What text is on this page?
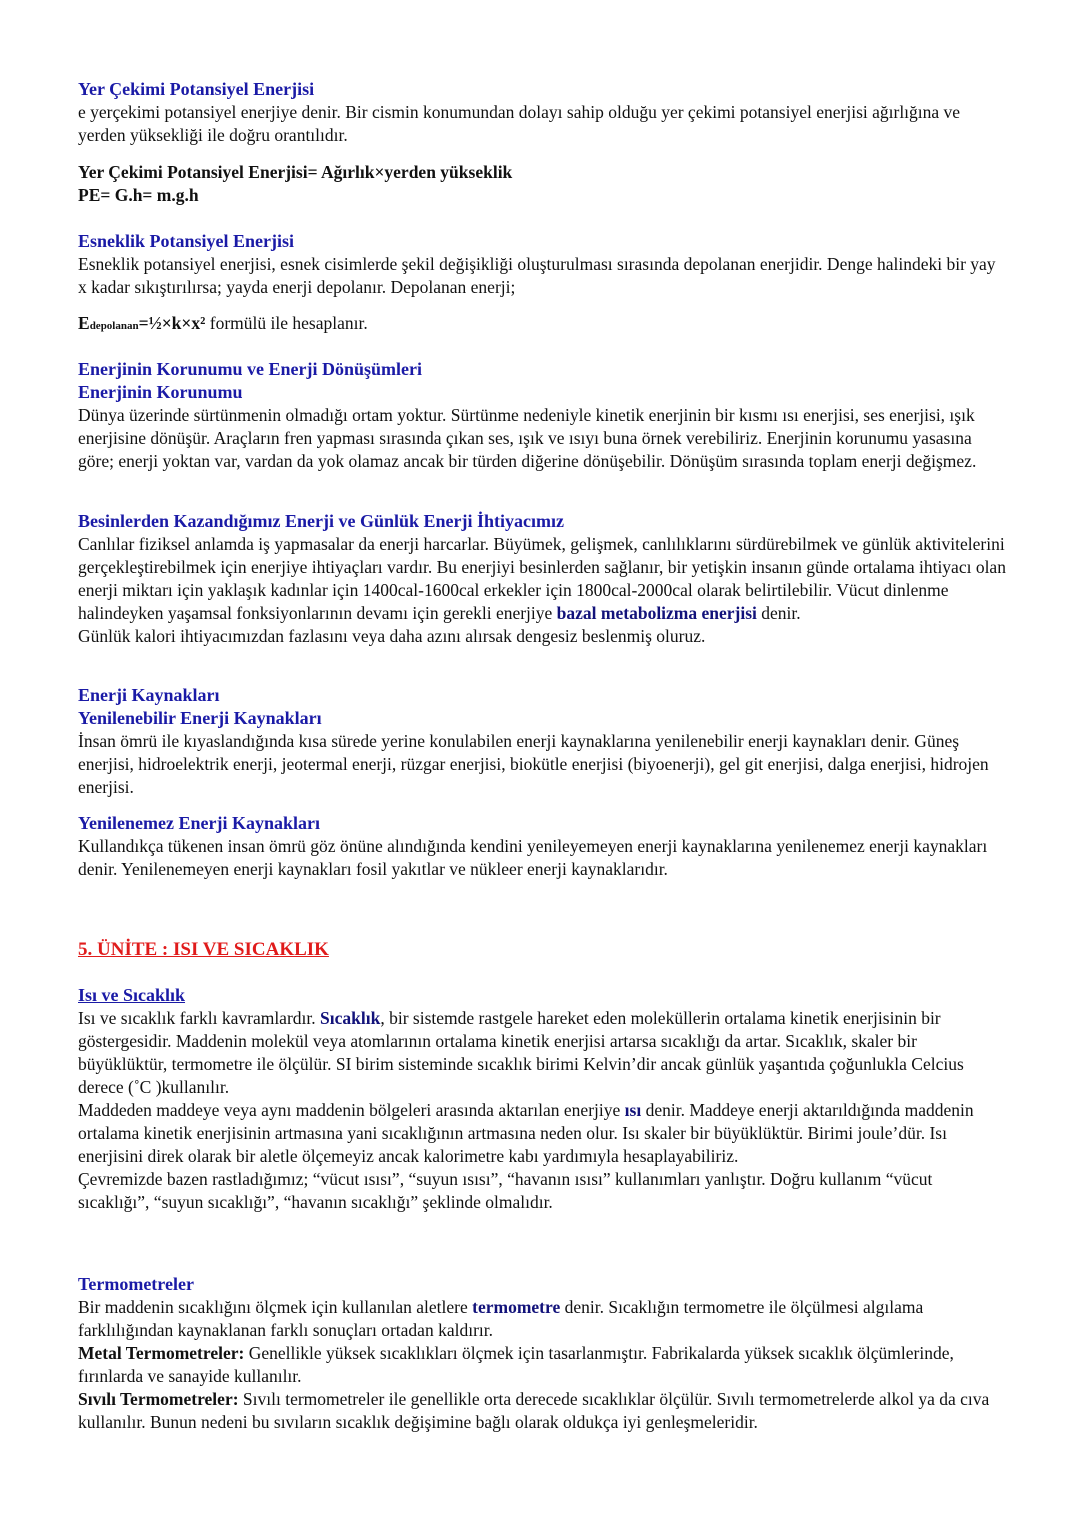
Yer Çekimi Potansiyel Enerjisi

e yerçekimi potansiyel enerjiye denir. Bir cismin konumundan dolayı sahip olduğu yer çekimi potansiyel enerjisi ağırlığına ve yerden yüksekliği ile doğru orantılıdır.

Yer Çekimi Potansiyel Enerjisi= Ağırlık×yerden yükseklik

PE= G.h= m.g.h

Esneklik Potansiyel Enerjisi

Esneklik potansiyel enerjisi, esnek cisimlerde şekil değişikliği oluşturulması sırasında depolanan enerjidir. Denge halindeki bir yay x kadar sıkıştırılırsa; yayda enerji depolanır. Depolanan enerji;

Edepolanan=½×k×x² formülü ile hesaplanır.

Enerjinin Korunumu ve Enerji Dönüşümleri

Enerjinin Korunumu

Dünya üzerinde sürtünmenin olmadığı ortam yoktur. Sürtünme nedeniyle kinetik enerjinin bir kısmı ısı enerjisi, ses enerjisi, ışık enerjisine dönüşür. Araçların fren yapması sırasında çıkan ses, ışık ve ısıyı buna örnek verebiliriz. Enerjinin korunumu yasasına göre; enerji yoktan var, vardan da yok olamaz ancak bir türden diğerine dönüşebilir. Dönüşüm sırasında toplam enerji değişmez.

Besinlerden Kazandığımız Enerji ve Günlük Enerji İhtiyacımız

Canlılar fiziksel anlamda iş yapmasalar da enerji harcarlar. Büyümek, gelişmek, canlılıklarını sürdürebilmek ve günlük aktivitelerini gerçekleştirebilmek için enerjiye ihtiyaçları vardır. Bu enerjiyi besinlerden sağlanır, bir yetişkin insanın günde ortalama ihtiyacı olan enerji miktarı için yaklaşık kadınlar için 1400cal-1600cal erkekler için 1800cal-2000cal olarak belirtilebilir. Vücut dinlenme

halindeyken yaşamsal fonksiyonlarının devamı için gerekli enerjiye bazal metabolizma enerjisi denir.

Günlük kalori ihtiyacımızdan fazlasını veya daha azını alırsak dengesiz beslenmiş oluruz.

Enerji Kaynakları

Yenilenebilir Enerji Kaynakları

İnsan ömrü ile kıyaslandığında kısa sürede yerine konulabilen enerji kaynaklarına yenilenebilir enerji kaynakları denir. Güneş enerjisi, hidroelektrik enerji, jeotermal enerji, rüzgar enerjisi, biokütle enerjisi (biyoenerji), gel git enerjisi, dalga enerjisi, hidrojen enerjisi.

Yenilenemez Enerji Kaynakları

Kullandıkça tükenen insan ömrü göz önüne alındığında kendini yenileyemeyen enerji kaynaklarına yenilenemez enerji kaynakları denir. Yenilenemeyen enerji kaynakları fosil yakıtlar ve nükleer enerji kaynaklarıdır.

5. ÜNİTE : ISI VE SICAKLIK

Isı ve Sıcaklık

Isı ve sıcaklık farklı kavramlardır. Sıcaklık, bir sistemde rastgele hareket eden moleküllerin ortalama kinetik enerjisinin bir göstergesidir. Maddenin molekül veya atomlarının ortalama kinetik enerjisi artarsa sıcaklığı da artar. Sıcaklık, skaler bir

büyüklüktür, termometre ile ölçülür. SI birim sisteminde sıcaklık birimi Kelvin’dir ancak günlük yaşantıda çoğunlukla Celcius derece (˚C )kullanılır.

Maddeden maddeye veya aynı maddenin bölgeleri arasında aktarılan enerjiye ısı denir. Maddeye enerji aktarıldığında maddenin ortalama kinetik enerjisinin artmasına yani sıcaklığının artmasına neden olur. Isı skaler bir büyüklüktür. Birimi joule’dür. Isı enerjisini direk olarak bir aletle ölçemeyiz ancak kalorimetre kabı yardımıyla hesaplayabiliriz.

Çevremizde bazen rastladığımız; “vücut ısısı”, “suyun ısısı”, “havanın ısısı” kullanımları yanlıştır. Doğru kullanım “vücut sıcaklığı”, “suyun sıcaklığı”, “havanın sıcaklığı” şeklinde olmalıdır.

Termometreler

Bir maddenin sıcaklığını ölçmek için kullanılan aletlere termometre denir. Sıcaklığın termometre ile ölçülmesi algılama farklılığından kaynaklanan farklı sonuçları ortadan kaldırır.

Metal Termometreler: Genellikle yüksek sıcaklıkları ölçmek için tasarlanmıştır. Fabrikalarda yüksek sıcaklık ölçümlerinde, fırınlarda ve sanayide kullanılır.

Sıvılı Termometreler: Sıvılı termometreler ile genellikle orta derecede sıcaklıklar ölçülür. Sıvılı termometrelerde alkol ya da cıva kullanılır. Bunun nedeni bu sıvıların sıcaklık değişimine bağlı olarak oldukça iyi genleşmeleridir.
